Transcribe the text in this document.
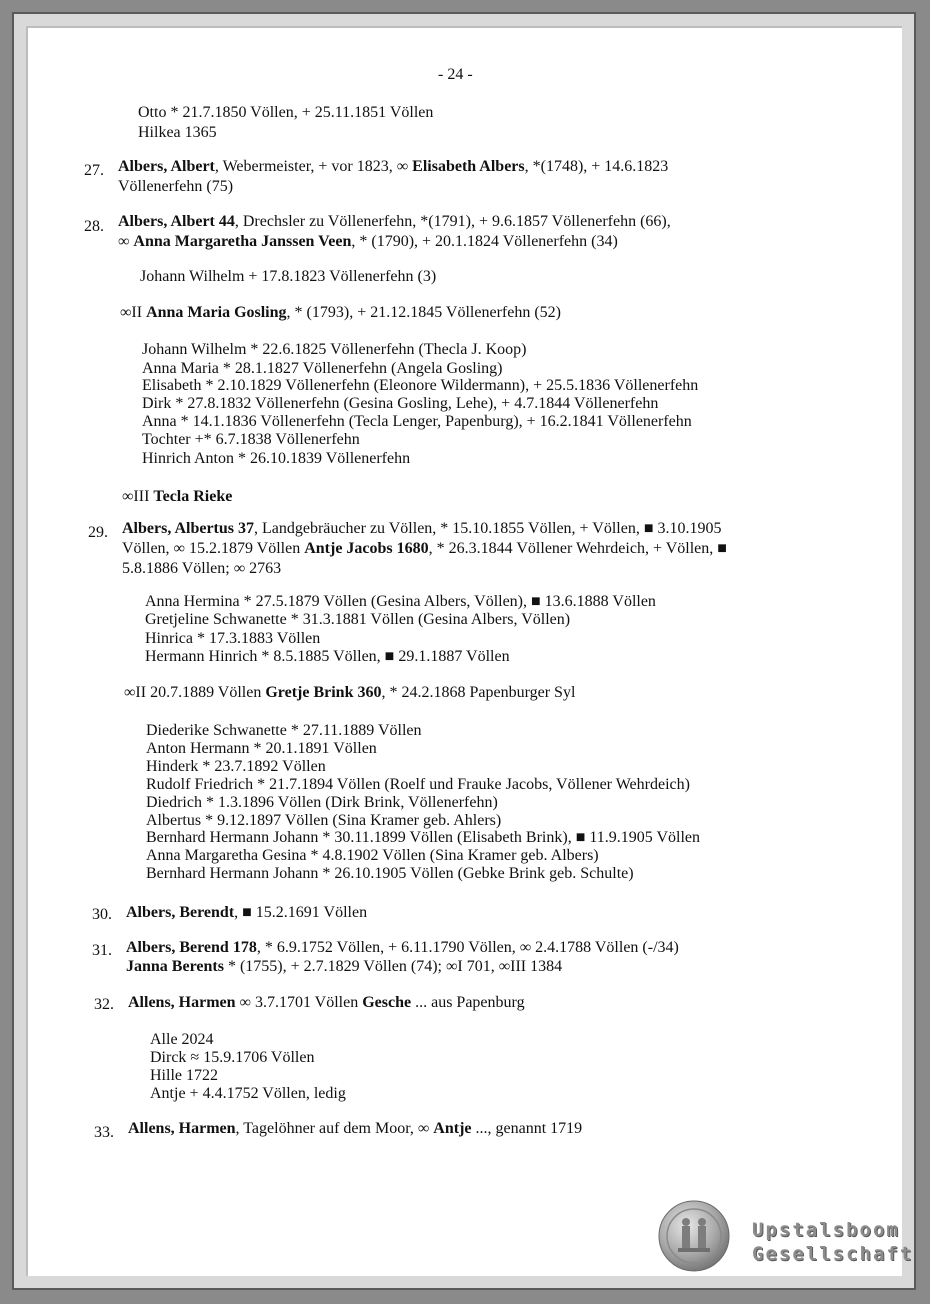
- 24 -
Otto * 21.7.1850 Völlen, + 25.11.1851 Völlen
Hilkea 1365
27. Albers, Albert, Webermeister, + vor 1823, ∞ Elisabeth Albers, *(1748), + 14.6.1823
Völlenerfehn (75)
28. Albers, Albert 44, Drechsler zu Völlenerfehn, *(1791), + 9.6.1857 Völlenerfehn (66),
∞ Anna Margaretha Janssen Veen, * (1790), + 20.1.1824 Völlenerfehn (34)
Johann Wilhelm + 17.8.1823 Völlenerfehn (3)
∞II Anna Maria Gosling, * (1793), + 21.12.1845 Völlenerfehn (52)
Johann Wilhelm * 22.6.1825 Völlenerfehn (Thecla J. Koop)
Anna Maria * 28.1.1827 Völlenerfehn (Angela Gosling)
Elisabeth * 2.10.1829 Völlenerfehn (Eleonore Wildermann), + 25.5.1836 Völlenerfehn
Dirk * 27.8.1832 Völlenerfehn (Gesina Gosling, Lehe), + 4.7.1844 Völlenerfehn
Anna * 14.1.1836 Völlenerfehn (Tecla Lenger, Papenburg), + 16.2.1841 Völlenerfehn
Tochter +* 6.7.1838 Völlenerfehn
Hinrich Anton * 26.10.1839 Völlenerfehn
∞III Tecla Rieke
29. Albers, Albertus 37, Landgebräucher zu Völlen, * 15.10.1855 Völlen, + Völlen, ■ 3.10.1905
Völlen, ∞ 15.2.1879 Völlen Antje Jacobs 1680, * 26.3.1844 Völlener Wehrdeich, + Völlen, ■
5.8.1886 Völlen; ∞ 2763
Anna Hermina * 27.5.1879 Völlen (Gesina Albers, Völlen), ■ 13.6.1888 Völlen
Gretjeline Schwanette * 31.3.1881 Völlen (Gesina Albers, Völlen)
Hinrica * 17.3.1883 Völlen
Hermann Hinrich * 8.5.1885 Völlen, ■ 29.1.1887 Völlen
∞II 20.7.1889 Völlen Gretje Brink 360, * 24.2.1868 Papenburger Syl
Diederike Schwanette * 27.11.1889 Völlen
Anton Hermann * 20.1.1891 Völlen
Hinderk * 23.7.1892 Völlen
Rudolf Friedrich * 21.7.1894 Völlen (Roelf und Frauke Jacobs, Völlener Wehrdeich)
Diedrich * 1.3.1896 Völlen (Dirk Brink, Völlenerfehn)
Albertus * 9.12.1897 Völlen (Sina Kramer geb. Ahlers)
Bernhard Hermann Johann * 30.11.1899 Völlen (Elisabeth Brink), ■ 11.9.1905 Völlen
Anna Margaretha Gesina * 4.8.1902 Völlen (Sina Kramer geb. Albers)
Bernhard Hermann Johann * 26.10.1905 Völlen (Gebke Brink geb. Schulte)
30. Albers, Berendt, ■ 15.2.1691 Völlen
31. Albers, Berend 178, * 6.9.1752 Völlen, + 6.11.1790 Völlen, ∞ 2.4.1788 Völlen (-/34)
Janna Berents * (1755), + 2.7.1829 Völlen (74); ∞I 701, ∞III 1384
32. Allens, Harmen ∞ 3.7.1701 Völlen Gesche ... aus Papenburg
Alle 2024
Dirck ≈ 15.9.1706 Völlen
Hille 1722
Antje + 4.4.1752 Völlen, ledig
33. Allens, Harmen, Tagelöhner auf dem Moor, ∞ Antje ..., genannt 1719
Upstalsboom
Gesellschaft
